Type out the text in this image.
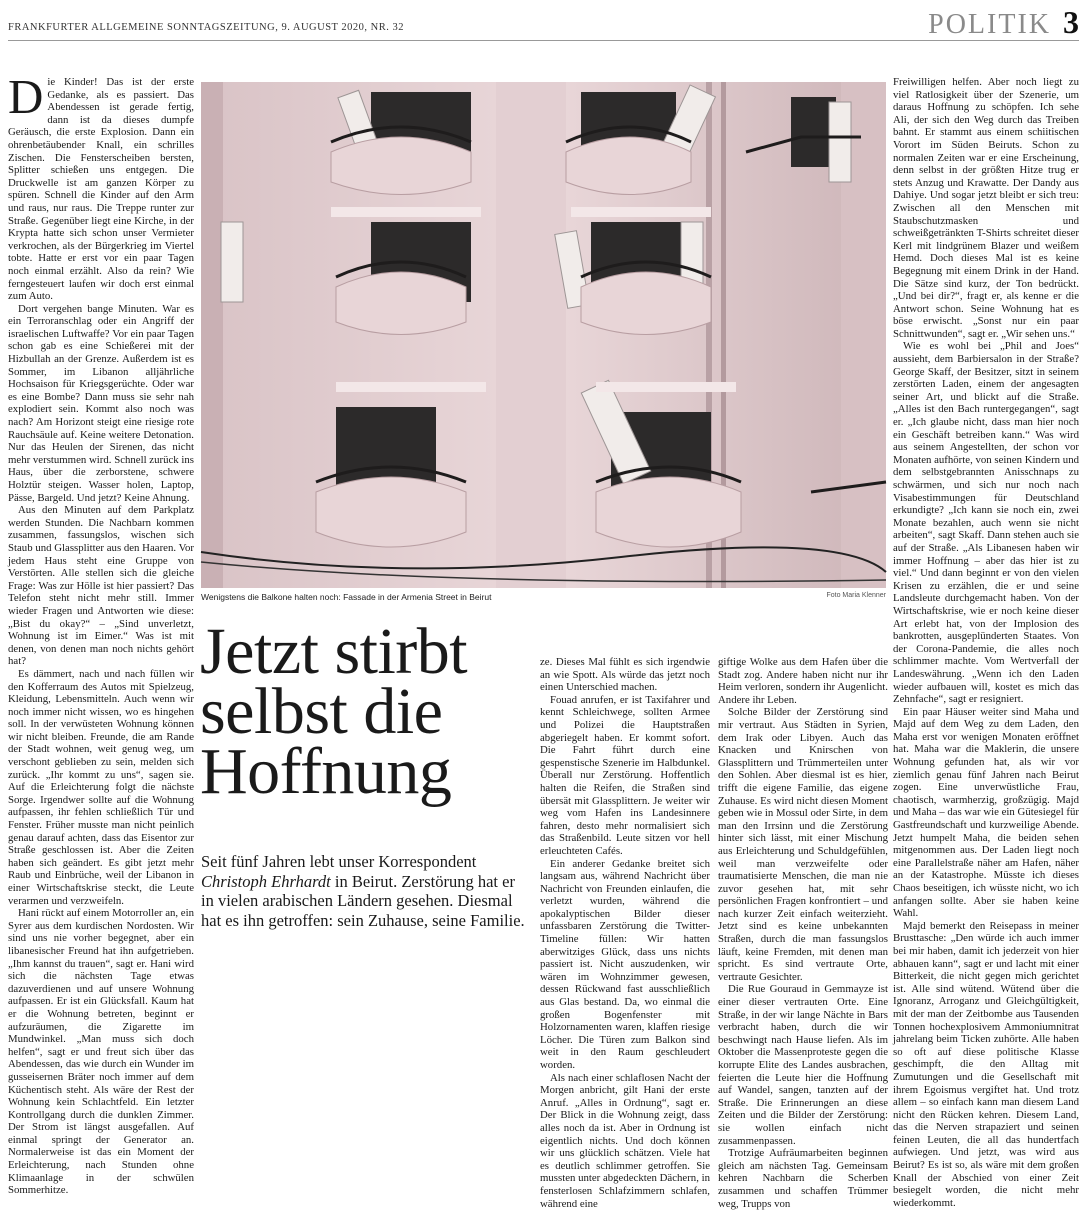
FRANKFURTER ALLGEMEINE SONNTAGSZEITUNG, 9. AUGUST 2020, NR. 32	POLITIK 3

Die Kinder! Das ist der erste Gedanke, als es passiert. Das Abendessen ist gerade fertig, dann ist da dieses dumpfe Geräusch, die erste Explosion. Dann ein ohrenbetäubender Knall, ein schrilles Zischen. Die Fensterscheiben bersten, Splitter schießen uns entgegen. Die Druckwelle ist am ganzen Körper zu spüren. Schnell die Kinder auf den Arm und raus, nur raus. Die Treppe runter zur Straße. Gegenüber liegt eine Kirche, in der Krypta hatte sich schon unser Vermieter verkrochen, als der Bürgerkrieg im Viertel tobte. Hatte er erst vor ein paar Tagen noch einmal erzählt. Also da rein? Wie ferngesteuert laufen wir doch erst einmal zum Auto.

Dort vergehen bange Minuten. War es ein Terroranschlag oder ein Angriff der israelischen Luftwaffe? Vor ein paar Tagen schon gab es eine Schießerei mit der Hizbullah an der Grenze. Außerdem ist es Sommer, im Libanon alljährliche Hochsaison für Kriegsgerüchte. Oder war es eine Bombe? Dann muss sie sehr nah explodiert sein. Kommt also noch was nach? Am Horizont steigt eine riesige rote Rauchsäule auf. Keine weitere Detonation. Nur das Heulen der Sirenen, das nicht mehr verstummen wird. Schnell zurück ins Haus, über die zerborstene, schwere Holztür steigen. Wasser holen, Laptop, Pässe, Bargeld. Und jetzt? Keine Ahnung.

Aus den Minuten auf dem Parkplatz werden Stunden. Die Nachbarn kommen zusammen, fassungslos, wischen sich Staub und Glassplitter aus den Haaren. Vor jedem Haus steht eine Gruppe von Verstörten. Alle stellen sich die gleiche Frage: Was zur Hölle ist hier passiert? Das Telefon steht nicht mehr still. Immer wieder Fragen und Antworten wie diese: „Bist du okay?“ – „Sind unverletzt, Wohnung ist im Eimer.“ Was ist mit denen, von denen man noch nichts gehört hat?

Es dämmert, nach und nach füllen wir den Kofferraum des Autos mit Spielzeug, Kleidung, Lebensmitteln. Auch wenn wir noch immer nicht wissen, wo es hingehen soll. In der verwüsteten Wohnung können wir nicht bleiben. Freunde, die am Rande der Stadt wohnen, weit genug weg, um verschont geblieben zu sein, melden sich zurück. „Ihr kommt zu uns“, sagen sie. Auf die Erleichterung folgt die nächste Sorge. Irgendwer sollte auf die Wohnung aufpassen, ihr fehlen schließlich Tür und Fenster. Früher musste man nicht peinlich genau darauf achten, dass das Eisentor zur Straße geschlossen ist. Aber die Zeiten haben sich geändert. Es gibt jetzt mehr Raub und Einbrüche, weil der Libanon in einer Wirtschaftskrise steckt, die Leute verarmen und verzweifeln.

Hani rückt auf einem Motorroller an, ein Syrer aus dem kurdischen Nordosten. Wir sind uns nie vorher begegnet, aber ein libanesischer Freund hat ihn aufgetrieben. „Ihm kannst du trauen“, sagt er. Hani wird sich die nächsten Tage etwas dazuverdienen und auf unsere Wohnung aufpassen. Er ist ein Glücksfall. Kaum hat er die Wohnung betreten, beginnt er aufzuräumen, die Zigarette im Mundwinkel. „Man muss sich doch helfen“, sagt er und freut sich über das Abendessen, das wie durch ein Wunder im gusseisernen Bräter noch immer auf dem Küchentisch steht. Als wäre der Rest der Wohnung kein Schlachtfeld. Ein letzter Kontrollgang durch die dunklen Zimmer. Der Strom ist längst ausgefallen. Auf einmal springt der Generator an. Normalerweise ist das ein Moment der Erleichterung, nach Stunden ohne Klimaanlage in der schwülen Sommerhitze.

Wenigstens die Balkone halten noch: Fassade in der Armenia Street in Beirut	Foto Maria Klenner
Jetzt stirbt selbst die Hoffnung
Seit fünf Jahren lebt unser Korrespondent Christoph Ehrhardt in Beirut. Zerstörung hat er in vielen arabischen Ländern gesehen. Diesmal hat es ihn getroffen: sein Zuhause, seine Familie.

ze. Dieses Mal fühlt es sich irgendwie an wie Spott. Als würde das jetzt noch einen Unterschied machen.

Fouad anrufen, er ist Taxifahrer und kennt Schleichwege, sollten Armee und Polizei die Hauptstraßen abgeriegelt haben. Er kommt sofort. Die Fahrt führt durch eine gespenstische Szenerie im Halbdunkel. Überall nur Zerstörung. Hoffentlich halten die Reifen, die Straßen sind übersät mit Glassplittern. Je weiter wir weg vom Hafen ins Landesinnere fahren, desto mehr normalisiert sich das Straßenbild. Leute sitzen vor hell erleuchteten Cafés.

Ein anderer Gedanke breitet sich langsam aus, während Nachricht über Nachricht von Freunden einlaufen, die verletzt wurden, während die apokalyptischen Bilder dieser unfassbaren Zerstörung die Twitter-Timeline füllen: Wir hatten aberwitziges Glück, dass uns nichts passiert ist. Nicht auszudenken, wir wären im Wohnzimmer gewesen, dessen Rückwand fast ausschließlich aus Glas bestand. Da, wo einmal die großen Bogenfenster mit Holzornamenten waren, klaffen riesige Löcher. Die Türen zum Balkon sind weit in den Raum geschleudert worden.

Als nach einer schlaflosen Nacht der Morgen anbricht, gilt Hani der erste Anruf. „Alles in Ordnung“, sagt er. Der Blick in die Wohnung zeigt, dass alles noch da ist. Aber in Ordnung ist eigentlich nichts. Und doch können wir uns glücklich schätzen. Viele hat es deutlich schlimmer getroffen. Sie mussten unter abgedeckten Dächern, in fensterlosen Schlafzimmern schlafen, während eine

giftige Wolke aus dem Hafen über die Stadt zog. Andere haben nicht nur ihr Heim verloren, sondern ihr Augenlicht. Andere ihr Leben.

Solche Bilder der Zerstörung sind mir vertraut. Aus Städten in Syrien, dem Irak oder Libyen. Auch das Knacken und Knirschen von Glassplittern und Trümmerteilen unter den Sohlen. Aber diesmal ist es hier, trifft die eigene Familie, das eigene Zuhause. Es wird nicht diesen Moment geben wie in Mossul oder Sirte, in dem man den Irrsinn und die Zerstörung hinter sich lässt, mit einer Mischung aus Erleichterung und Schuldgefühlen, weil man verzweifelte oder traumatisierte Menschen, die man nie zuvor gesehen hat, mit sehr persönlichen Fragen konfrontiert – und nach kurzer Zeit einfach weiterzieht. Jetzt sind es keine unbekannten Straßen, durch die man fassungslos läuft, keine Fremden, mit denen man spricht. Es sind vertraute Orte, vertraute Gesichter.

Die Rue Gouraud in Gemmayze ist einer dieser vertrauten Orte. Eine Straße, in der wir lange Nächte in Bars verbracht haben, durch die wir beschwingt nach Hause liefen. Als im Oktober die Massenproteste gegen die korrupte Elite des Landes ausbrachen, feierten die Leute hier die Hoffnung auf Wandel, sangen, tanzten auf der Straße. Die Erinnerungen an diese Zeiten und die Bilder der Zerstörung: sie wollen einfach nicht zusammenpassen.

Trotzige Aufräumarbeiten beginnen gleich am nächsten Tag. Gemeinsam kehren Nachbarn die Scherben zusammen und schaffen Trümmer weg, Trupps von

Freiwilligen helfen. Aber noch liegt zu viel Ratlosigkeit über der Szenerie, um daraus Hoffnung zu schöpfen. Ich sehe Ali, der sich den Weg durch das Treiben bahnt. Er stammt aus einem schiitischen Vorort im Süden Beiruts. Schon zu normalen Zeiten war er eine Erscheinung, denn selbst in der größten Hitze trug er stets Anzug und Krawatte. Der Dandy aus Dahiye. Und sogar jetzt bleibt er sich treu: Zwischen all den Menschen mit Staubschutzmasken und schweißgetränkten T-Shirts schreitet dieser Kerl mit lindgrünem Blazer und weißem Hemd. Doch dieses Mal ist es keine Begegnung mit einem Drink in der Hand. Die Sätze sind kurz, der Ton bedrückt. „Und bei dir?“, fragt er, als kenne er die Antwort schon. Seine Wohnung hat es böse erwischt. „Sonst nur ein paar Schnittwunden“, sagt er. „Wir sehen uns.“

Wie es wohl bei „Phil and Joes“ aussieht, dem Barbiersalon in der Straße? George Skaff, der Besitzer, sitzt in seinem zerstörten Laden, einem der angesagten seiner Art, und blickt auf die Straße. „Alles ist den Bach runtergegangen“, sagt er. „Ich glaube nicht, dass man hier noch ein Geschäft betreiben kann.“ Was wird aus seinem Angestellten, der schon vor Monaten aufhörte, von seinen Kindern und dem selbstgebrannten Anisschnaps zu schwärmen, und sich nur noch nach Visabestimmungen für Deutschland erkundigte? „Ich kann sie noch ein, zwei Monate bezahlen, auch wenn sie nicht arbeiten“, sagt Skaff. Dann stehen auch sie auf der Straße. „Als Libanesen haben wir immer Hoffnung – aber das hier ist zu viel.“ Und dann beginnt er von den vielen Krisen zu erzählen, die er und seine Landsleute durchgemacht haben. Von der Wirtschaftskrise, wie er noch keine dieser Art erlebt hat, von der Implosion des bankrotten, ausgeplünderten Staates. Von der Corona-Pandemie, die alles noch schlimmer machte. Vom Wertverfall der Landeswährung. „Wenn ich den Laden wieder aufbauen will, kostet es mich das Zehnfache“, sagt er resigniert.

Ein paar Häuser weiter sind Maha und Majd auf dem Weg zu dem Laden, den Maha erst vor wenigen Monaten eröffnet hat. Maha war die Maklerin, die unsere Wohnung gefunden hat, als wir vor ziemlich genau fünf Jahren nach Beirut zogen. Eine unverwüstliche Frau, chaotisch, warmherzig, großzügig. Majd und Maha – das war wie ein Gütesiegel für Gastfreundschaft und kurzweilige Abende. Jetzt humpelt Maha, die beiden sehen mitgenommen aus. Der Laden liegt noch eine Parallelstraße näher am Hafen, näher an der Katastrophe. Müsste ich dieses Chaos beseitigen, ich wüsste nicht, wo ich anfangen sollte. Aber sie haben keine Wahl.

Majd bemerkt den Reisepass in meiner Brusttasche: „Den würde ich auch immer bei mir haben, damit ich jederzeit von hier abhauen kann“, sagt er und lacht mit einer Bitterkeit, die nicht gegen mich gerichtet ist. Alle sind wütend. Wütend über die Ignoranz, Arroganz und Gleichgültigkeit, mit der man der Zeitbombe aus Tausenden Tonnen hochexplosivem Ammoniumnitrat jahrelang beim Ticken zuhörte. Alle haben so oft auf diese politische Klasse geschimpft, die den Alltag mit Zumutungen und die Gesellschaft mit ihrem Egoismus vergiftet hat. Und trotz allem – so einfach kann man diesem Land nicht den Rücken kehren. Diesem Land, das die Nerven strapaziert und seinen feinen Leuten, die all das hundertfach aufwiegen. Und jetzt, was wird aus Beirut? Es ist so, als wäre mit dem großen Knall der Abschied von einer Zeit besiegelt worden, die nicht mehr wiederkommt.
